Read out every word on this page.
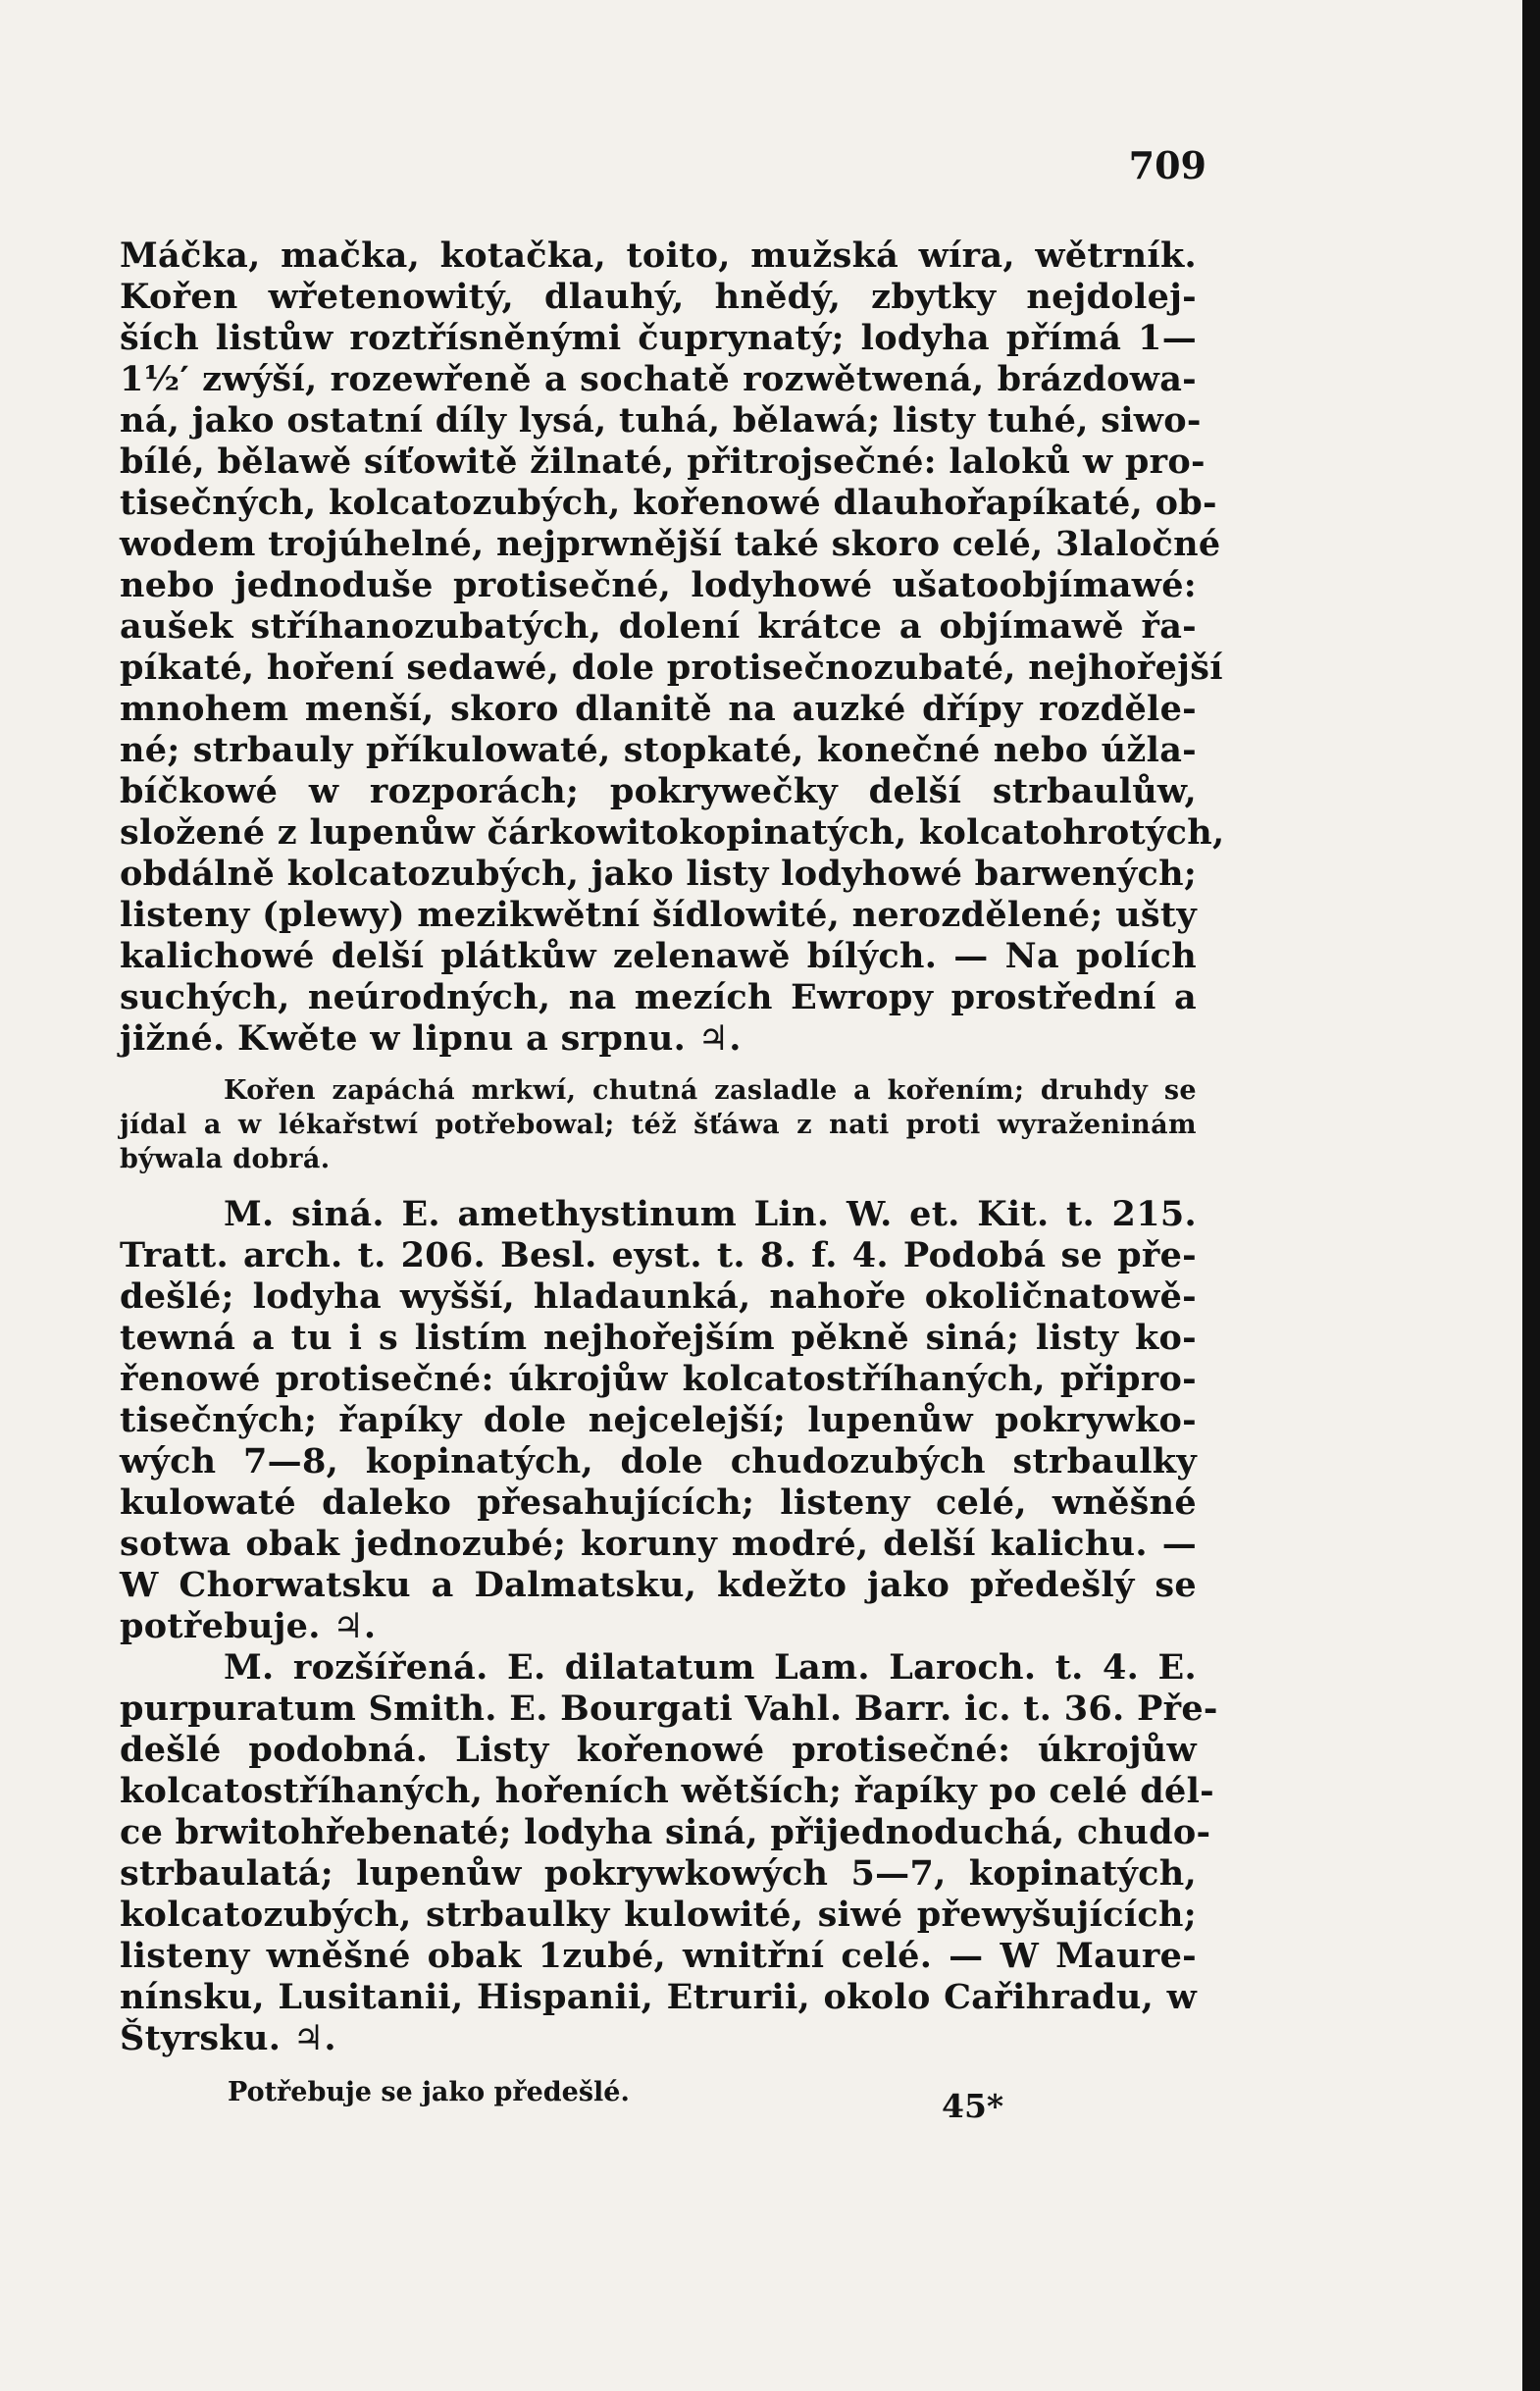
709
Máčka, mačka, kotačka, toito, mužská wíra, wětrník.
Kořen wřetenowitý, dlauhý, hnědý, zbytky nejdolej-
ších listůw roztřísněnými čuprynatý; lodyha přímá 1—
1½′ zwýší, rozewřeně a sochatě rozwětwená, brázdowa-
ná, jako ostatní díly lysá, tuhá, bělawá; listy tuhé, siwo-
bílé, bělawě síťowitě žilnaté, přitrojsečné: laloků w pro-
tisečných, kolcatozubých, kořenowé dlauhořapíkaté, ob-
wodem trojúhelné, nejprwnější také skoro celé, 3laločné
nebo jednoduše protisečné, lodyhowé ušatoobjímawé:
aušek stříhanozubatých, dolení krátce a objímawě řa-
píkaté, hoření sedawé, dole protisečnozubaté, nejhořejší
mnohem menší, skoro dlanitě na auzké dřípy rozděle-
né; strbauly příkulowaté, stopkaté, konečné nebo úžla-
bíčkowé w rozporách; pokrywečky delší strbaulůw,
složené z lupenůw čárkowitokopinatých, kolcatohrotých,
obdálně kolcatozubých, jako listy lodyhowé barwených;
listeny (plewy) mezikwětní šídlowité, nerozdělené; ušty
kalichowé delší plátkůw zelenawě bílých. — Na polích
suchých, neúrodných, na mezích Ewropy prostřední a
jižné. Kwěte w lipnu a srpnu. ♃.
Kořen zapáchá mrkwí, chutná zasladle a kořením; druhdy se
jídal a w lékařstwí potřebowal; též šťáwa z nati proti wyraženinám
býwala dobrá.
M. siná. E. amethystinum Lin. W. et. Kit. t. 215.
Tratt. arch. t. 206. Besl. eyst. t. 8. f. 4. Podobá se pře-
dešlé; lodyha wyšší, hladaunká, nahoře okoličnatowě-
tewná a tu i s listím nejhořejším pěkně siná; listy ko-
řenowé protisečné: úkrojůw kolcatostříhaných, připro-
tisečných; řapíky dole nejcelejší; lupenůw pokrywko-
wých 7—8, kopinatých, dole chudozubých strbaulky
kulowaté daleko přesahujících; listeny celé, wněšné
sotwa obak jednozubé; koruny modré, delší kalichu. —
W Chorwatsku a Dalmatsku, kdežto jako předešlý se
potřebuje. ♃.
M. rozšířená. E. dilatatum Lam. Laroch. t. 4. E.
purpuratum Smith. E. Bourgati Vahl. Barr. ic. t. 36. Pře-
dešlé podobná. Listy kořenowé protisečné: úkrojůw
kolcatostříhaných, hořeních wětších; řapíky po celé dél-
ce brwitohřebenaté; lodyha siná, přijednoduchá, chudo-
strbaulatá; lupenůw pokrywkowých 5—7, kopinatých,
kolcatozubých, strbaulky kulowité, siwé přewyšujících;
listeny wněšné obak 1zubé, wnitřní celé. — W Maure-
nínsku, Lusitanii, Hispanii, Etrurii, okolo Cařihradu, w
Štyrsku. ♃.
Potřebuje se jako předešlé.	45*
